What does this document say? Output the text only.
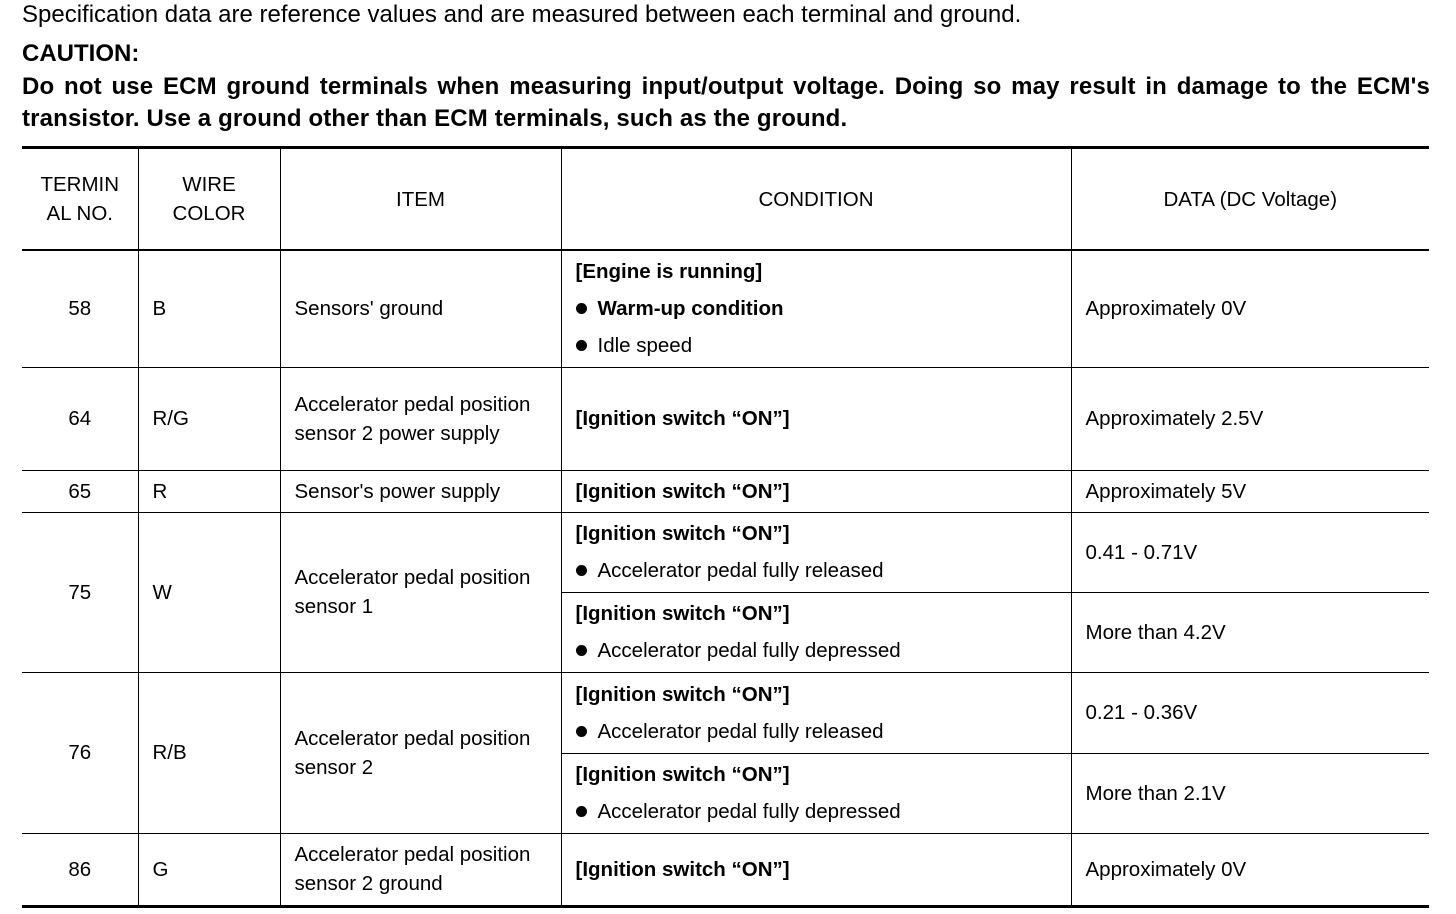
Specification data are reference values and are measured between each terminal and ground.
CAUTION:
Do not use ECM ground terminals when measuring input/output voltage. Doing so may result in damage to the ECM's transistor. Use a ground other than ECM terminals, such as the ground.
TERMINAL NO.	WIRE COLOR	ITEM	CONDITION	DATA (DC Voltage)
58	B	Sensors' ground	[Engine is running]
Warm-up condition
Idle speed	Approximately 0V
64	R/G	Accelerator pedal position sensor 2 power supply	[Ignition switch “ON”]	Approximately 2.5V
65	R	Sensor's power supply	[Ignition switch “ON”]	Approximately 5V
75	W	Accelerator pedal position sensor 1	[Ignition switch “ON”]
Accelerator pedal fully released	0.41 - 0.71V

			[Ignition switch “ON”]
Accelerator pedal fully depressed	More than 4.2V
76	R/B	Accelerator pedal position sensor 2	[Ignition switch “ON”]
Accelerator pedal fully released	0.21 - 0.36V

			[Ignition switch “ON”]
Accelerator pedal fully depressed	More than 2.1V
86	G	Accelerator pedal position sensor 2 ground	[Ignition switch “ON”]	Approximately 0V
